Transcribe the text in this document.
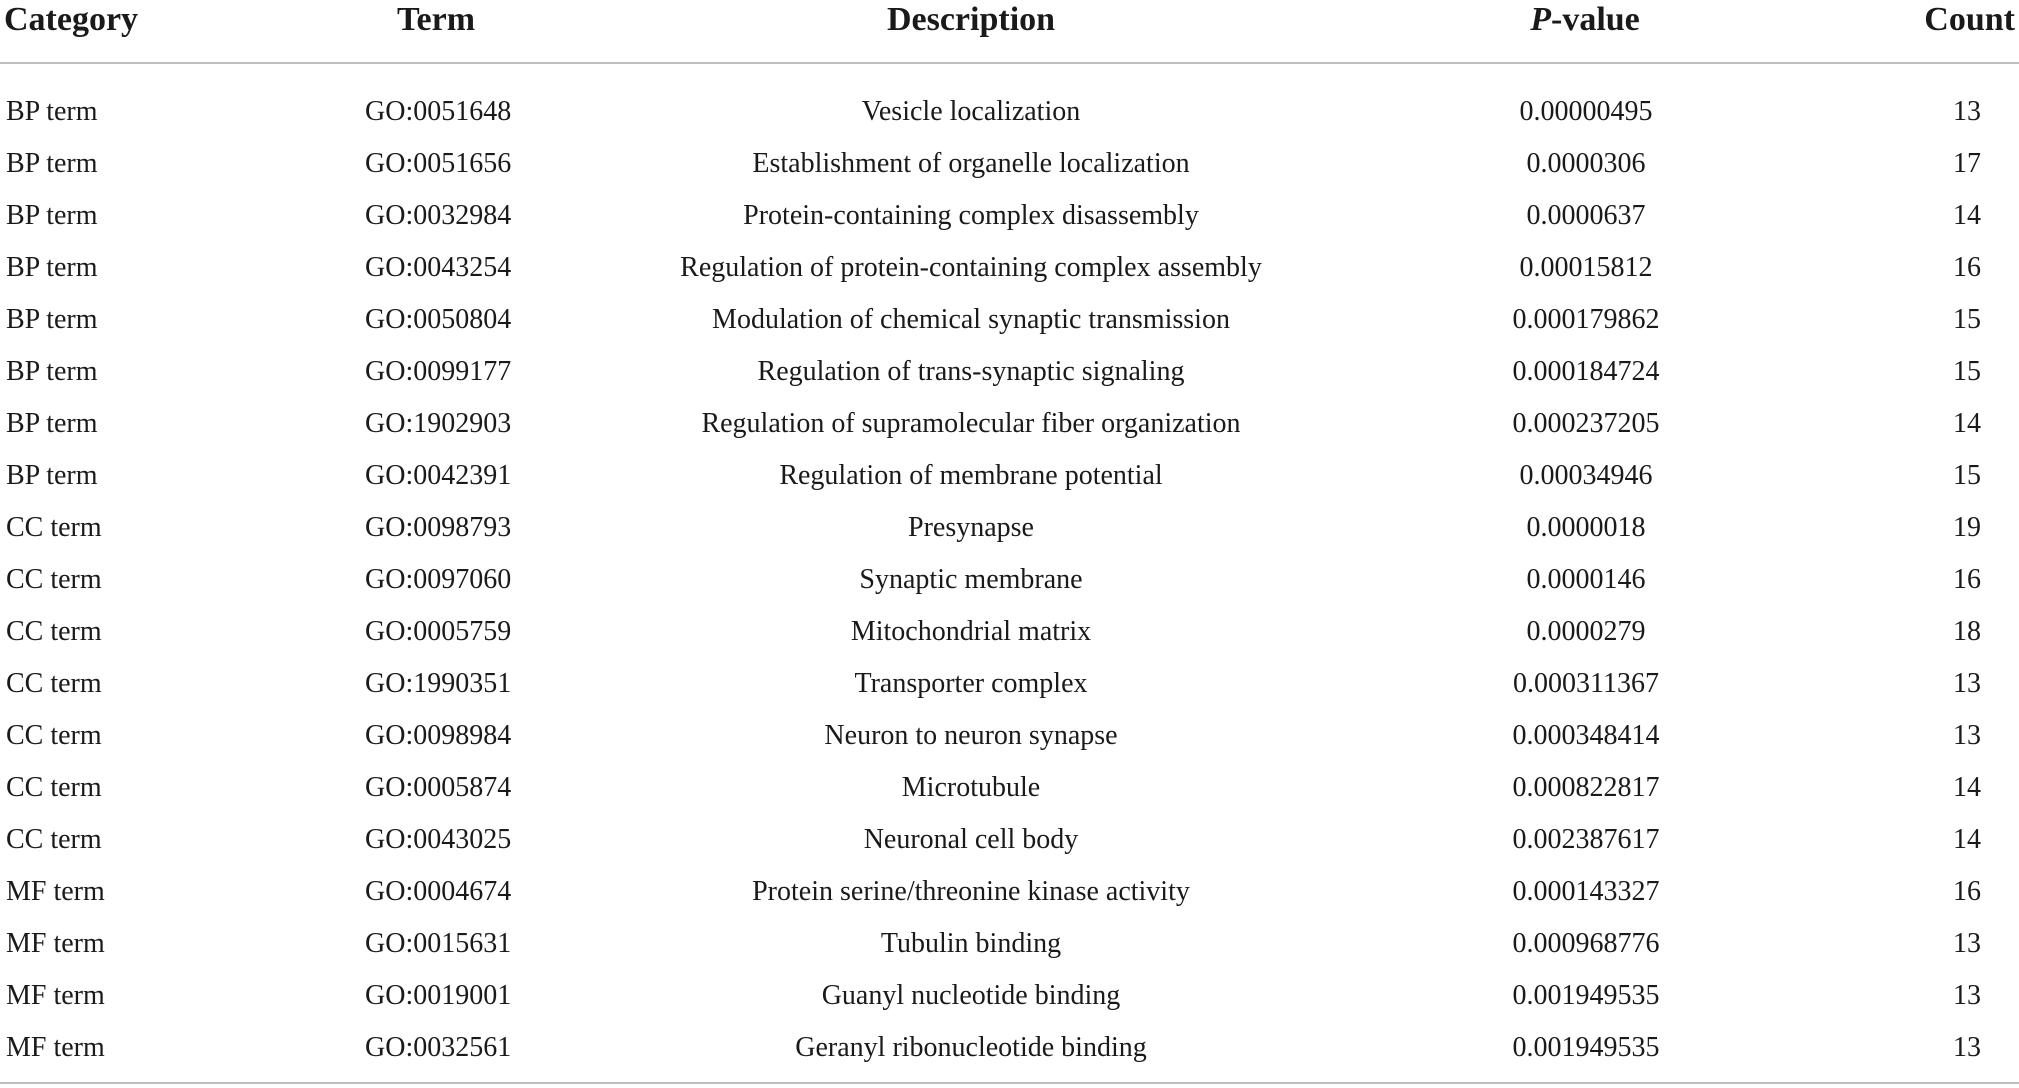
Category	Term	Description	P-value	Count
BP term	GO:0051648	Vesicle localization	0.00000495	13
BP term	GO:0051656	Establishment of organelle localization	0.0000306	17
BP term	GO:0032984	Protein-containing complex disassembly	0.0000637	14
BP term	GO:0043254	Regulation of protein-containing complex assembly	0.00015812	16
BP term	GO:0050804	Modulation of chemical synaptic transmission	0.000179862	15
BP term	GO:0099177	Regulation of trans-synaptic signaling	0.000184724	15
BP term	GO:1902903	Regulation of supramolecular fiber organization	0.000237205	14
BP term	GO:0042391	Regulation of membrane potential	0.00034946	15
CC term	GO:0098793	Presynapse	0.0000018	19
CC term	GO:0097060	Synaptic membrane	0.0000146	16
CC term	GO:0005759	Mitochondrial matrix	0.0000279	18
CC term	GO:1990351	Transporter complex	0.000311367	13
CC term	GO:0098984	Neuron to neuron synapse	0.000348414	13
CC term	GO:0005874	Microtubule	0.000822817	14
CC term	GO:0043025	Neuronal cell body	0.002387617	14
MF term	GO:0004674	Protein serine/threonine kinase activity	0.000143327	16
MF term	GO:0015631	Tubulin binding	0.000968776	13
MF term	GO:0019001	Guanyl nucleotide binding	0.001949535	13
MF term	GO:0032561	Geranyl ribonucleotide binding	0.001949535	13
